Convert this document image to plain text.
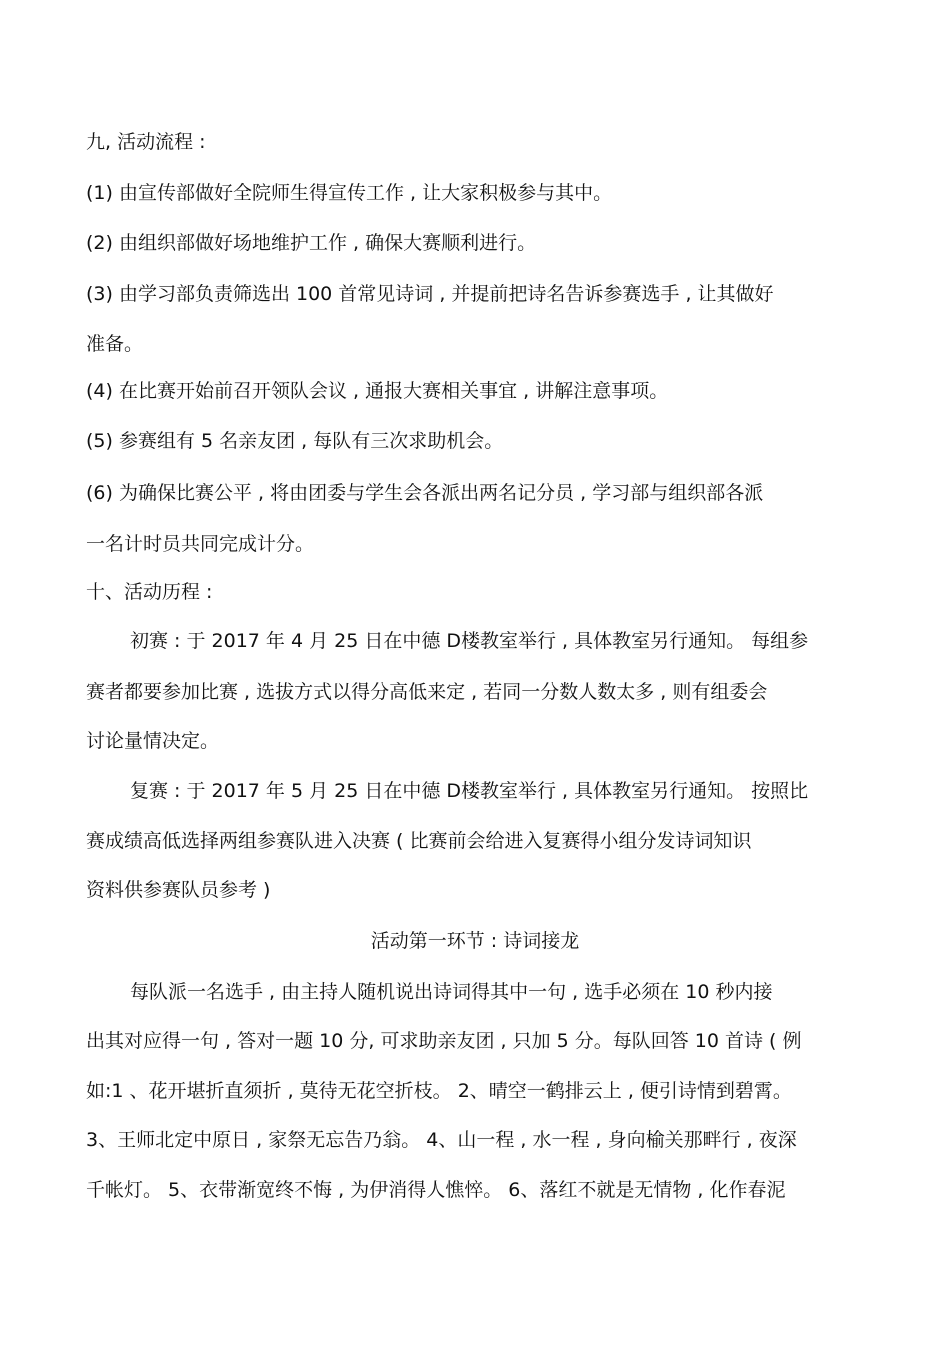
九, 活动流程 :
(1) 由宣传部做好全院师生得宣传工作 , 让大家积极参与其中。
(2) 由组织部做好场地维护工作 , 确保大赛顺利进行。
(3) 由学习部负责筛选出 100 首常见诗词 , 并提前把诗名告诉参赛选手 , 让其做好
准备。
(4) 在比赛开始前召开领队会议 , 通报大赛相关事宜 , 讲解注意事项。
(5) 参赛组有 5 名亲友团 , 每队有三次求助机会。
(6) 为确保比赛公平 , 将由团委与学生会各派出两名记分员 , 学习部与组织部各派
一名计时员共同完成计分。
十、活动历程 :
初赛 : 于 2017 年 4 月 25 日在中德 D楼教室举行 , 具体教室另行通知。 每组参
赛者都要参加比赛 , 选拔方式以得分高低来定 , 若同一分数人数太多 , 则有组委会
讨论量情决定。
复赛 : 于 2017 年 5 月 25 日在中德 D楼教室举行 , 具体教室另行通知。 按照比
赛成绩高低选择两组参赛队进入决赛 ( 比赛前会给进入复赛得小组分发诗词知识
资料供参赛队员参考 )
活动第一环节 : 诗词接龙
每队派一名选手 , 由主持人随机说出诗词得其中一句 , 选手必须在 10 秒内接
出其对应得一句 , 答对一题 10 分, 可求助亲友团 , 只加 5 分。每队回答 10 首诗 ( 例
如:1 、花开堪折直须折 , 莫待无花空折枝。 2、晴空一鹤排云上 , 便引诗情到碧霄。
3、王师北定中原日 , 家祭无忘告乃翁。 4、山一程 , 水一程 , 身向榆关那畔行 , 夜深
千帐灯。 5、衣带渐宽终不悔 , 为伊消得人憔悴。 6、落红不就是无情物 , 化作春泥
